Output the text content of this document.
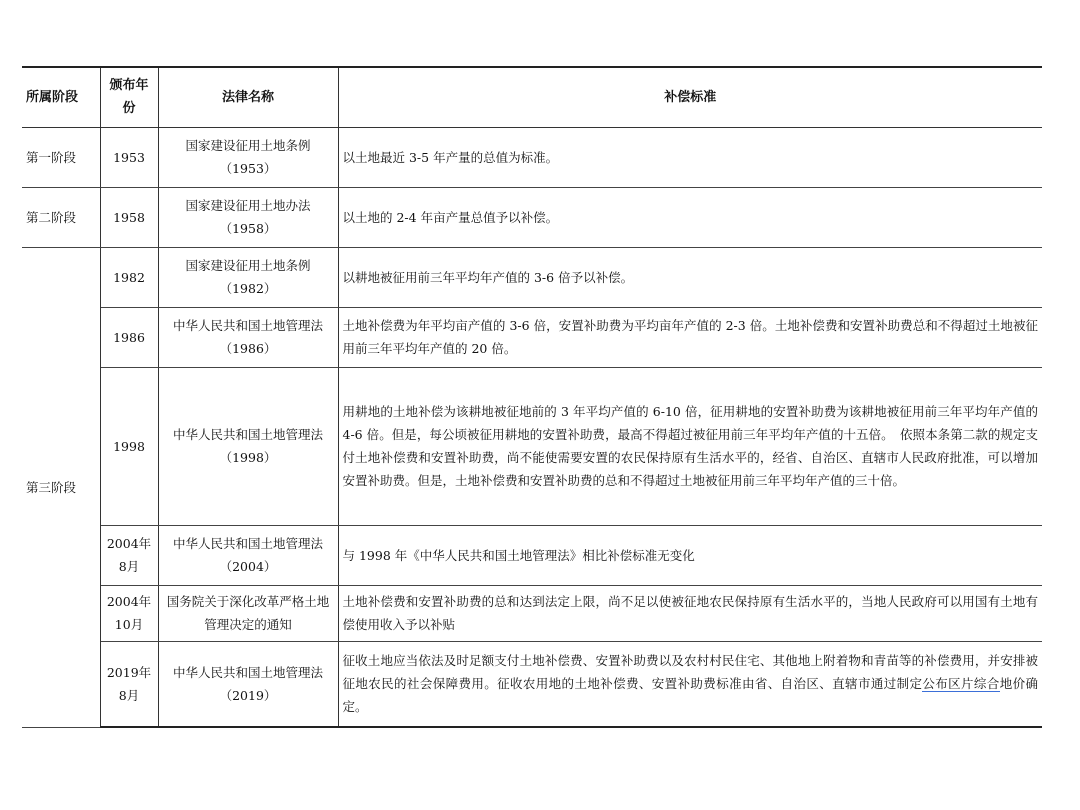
所属阶段	颁布年份	法律名称	补偿标准
第一阶段	1953	国家建设征用土地条例（1953）	以土地最近 3-5 年产量的总值为标准。
第二阶段	1958	国家建设征用土地办法（1958）	以土地的 2-4 年亩产量总值予以补偿。
第三阶段	1982	国家建设征用土地条例（1982）	以耕地被征用前三年平均年产值的 3-6 倍予以补偿。
	1986	中华人民共和国土地管理法（1986）	土地补偿费为年平均亩产值的 3-6 倍，安置补助费为平均亩年产值的 2-3 倍。土地补偿费和安置补助费总和不得超过土地被征用前三年平均年产值的 20 倍。
	1998	中华人民共和国土地管理法（1998）	用耕地的土地补偿为该耕地被征地前的 3 年平均产值的 6-10 倍，征用耕地的安置补助费为该耕地被征用前三年平均年产值的 4-6 倍。但是，每公顷被征用耕地的安置补助费，最高不得超过被征用前三年平均年产值的十五倍。　依照本条第二款的规定支付土地补偿费和安置补助费，尚不能使需要安置的农民保持原有生活水平的，经省、自治区、直辖市人民政府批准，可以增加安置补助费。但是，土地补偿费和安置补助费的总和不得超过土地被征用前三年平均年产值的三十倍。
	2004年8月	中华人民共和国土地管理法（2004）	与 1998 年《中华人民共和国土地管理法》相比补偿标准无变化
	2004年10月	国务院关于深化改革严格土地管理决定的通知	土地补偿费和安置补助费的总和达到法定上限，尚不足以使被征地农民保持原有生活水平的，当地人民政府可以用国有土地有偿使用收入予以补贴
	2019年8月	中华人民共和国土地管理法（2019）	征收土地应当依法及时足额支付土地补偿费、安置补助费以及农村村民住宅、其他地上附着物和青苗等的补偿费用，并安排被征地农民的社会保障费用。征收农用地的土地补偿费、安置补助费标准由省、自治区、直辖市通过制定公布区片综合地价确定。
